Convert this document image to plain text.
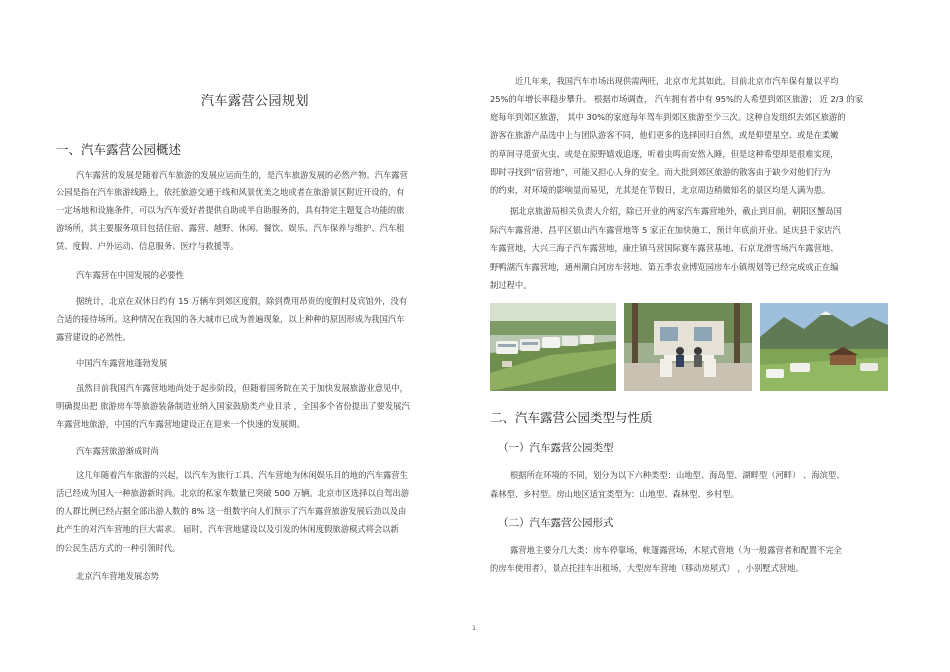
汽车露营公园规划
一、汽车露营公园概述
汽车露营的发展是随着汽车旅游的发展应运而生的，是汽车旅游发展的必然产物。汽车露营
公园是指在汽车旅游线路上，依托旅游交通干线和风景优美之地或者在旅游景区附近开设的，有
一定场地和设施条件，可以为汽车爱好者提供自助或半自助服务的，具有特定主题复合功能的旅
游场所，其主要服务项目包括住宿、露营、越野、休闲、餐饮、娱乐、汽车保养与维护、汽车租
赁、度假、户外运动、信息服务、医疗与救援等。
汽车露营在中国发展的必要性
据统计，北京在双休日约有 15 万辆车到郊区度假，除到费用昂贵的度假村及宾馆外，没有
合适的接待场所。这种情况在我国的各大城市已成为普遍现象，以上种种的原因形成为我国汽车
露营建设的必然性。
中国汽车露营地蓬勃发展
虽然目前我国汽车露营地地尚处于起步阶段，但随着国务院在关于加快发展旅游业意见中，
明确提出把 旅游房车等旅游装备制造业纳入国家鼓励类产业目录 ，全国多个省份提出了要发展汽
车露营地旅游，中国的汽车露营地建设正在迎来一个快速的发展期。
汽车露营旅游渐成时尚
这几年随着汽车旅游的兴起，以汽车为旅行工具、汽车营地为休闲娱乐目的地的汽车露营生
活已经成为国人一种旅游新时尚。北京的私家车数量已突破 500 万辆。北京市区选择以自驾出游
的人群比例已经占据全部出游人数的 8% 这一组数字向人们预示了汽车露营旅游发展后劲以及由
此产生的对汽车营地的巨大需求。 届时，汽车营地建设以及引发的休闲度假旅游模式将会以新
的公民生活方式的一种引领时代。
北京汽车营地发展态势
近几年来，我国汽车市场出现供需两旺，北京市尤其如此。目前北京市汽车保有量以平均
25%的年增长率稳步攀升。 根据市场调查， 汽车拥有者中有 95%的人希望到郊区旅游； 近 2/3 的家
庭每年到郊区旅游， 其中 30%的家庭每年驾车到郊区旅游至少三次。这种自发组织去郊区旅游的
游客在旅游产品选中上与团队游客不同，他们更多的选择回归自然，或是仰望星空、或是在柔嫩
的草间寻觅萤火虫、或是在原野嬉戏追逐，听着虫鸣而安然入睡，但是这种希望却是很难实现，
即时寻找到“宿营地”，可能又担心人身的安全。而大批到郊区旅游的散客由于缺少对他们行为
的约束，对环境的影响显而易见，尤其是在节假日，北京周边稍微知名的景区均是人满为患。
据北京旅游局相关负责人介绍，除已开业的两家汽车露营地外，截止到目前，朝阳区蟹岛国
际汽车露营港、昌平区银山汽车露营地等 5 家正在加快施工，预计年底前开业。延庆县千家店汽
车露营地，大兴三海子汽车露营地，康庄镇马营国际赛车露营基地、石京龙滑雪场汽车露营地、
野鸭湖汽车露营地，通州潮白河房车营地、第五季农业博览园房车小镇规划等已经完成或正在编
制过程中。
二、汽车露营公园类型与性质
（一）汽车露营公园类型
根据所在环境的不同，划分为以下六种类型：山地型、海岛型、湖畔型（河畔） 、海滨型、
森林型、乡村型。房山地区适宜类型为：山地型、森林型、乡村型。
（二）汽车露营公园形式
露营地主要分几大类：房车停靠场，帐篷露营场，木屋式营地（为一般露营者和配置不完全
的房车使用者），景点托挂车出租场，大型房车营地（移动房屋式） ，小别墅式营地。
1
